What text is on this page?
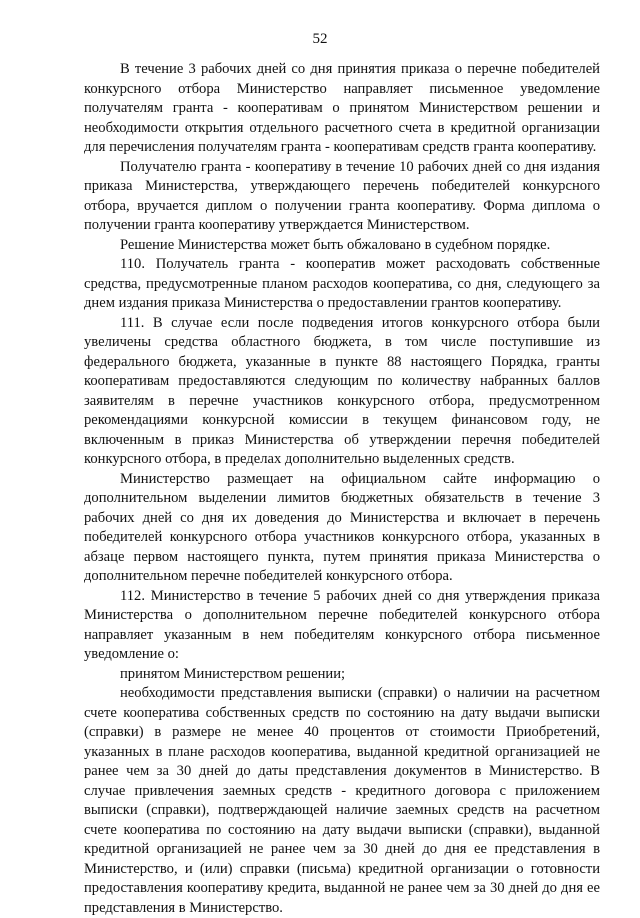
52

В течение 3 рабочих дней со дня принятия приказа о перечне победителей конкурсного отбора Министерство направляет письменное уведомление получателям гранта - кооперативам о принятом Министерством решении и необходимости открытия отдельного расчетного счета в кредитной организации для перечисления получателям гранта - кооперативам средств гранта кооперативу.

Получателю гранта - кооперативу в течение 10 рабочих дней со дня издания приказа Министерства, утверждающего перечень победителей конкурсного отбора, вручается диплом о получении гранта кооперативу. Форма диплома о получении гранта кооперативу утверждается Министерством.

Решение Министерства может быть обжаловано в судебном порядке.

110. Получатель гранта - кооператив может расходовать собственные средства, предусмотренные планом расходов кооператива, со дня, следующего за днем издания приказа Министерства о предоставлении грантов кооперативу.

111. В случае если после подведения итогов конкурсного отбора были увеличены средства областного бюджета, в том числе поступившие из федерального бюджета, указанные в пункте 88 настоящего Порядка, гранты кооперативам предоставляются следующим по количеству набранных баллов заявителям в перечне участников конкурсного отбора, предусмотренном рекомендациями конкурсной комиссии в текущем финансовом году, не включенным в приказ Министерства об утверждении перечня победителей конкурсного отбора, в пределах дополнительно выделенных средств.

Министерство размещает на официальном сайте информацию о дополнительном выделении лимитов бюджетных обязательств в течение 3 рабочих дней со дня их доведения до Министерства и включает в перечень победителей конкурсного отбора участников конкурсного отбора, указанных в абзаце первом настоящего пункта, путем принятия приказа Министерства о дополнительном перечне победителей конкурсного отбора.

112. Министерство в течение 5 рабочих дней со дня утверждения приказа Министерства о дополнительном перечне победителей конкурсного отбора направляет указанным в нем победителям конкурсного отбора письменное уведомление о:

принятом Министерством решении;

необходимости представления выписки (справки) о наличии на расчетном счете кооператива собственных средств по состоянию на дату выдачи выписки (справки) в размере не менее 40 процентов от стоимости Приобретений, указанных в плане расходов кооператива, выданной кредитной организацией не ранее чем за 30 дней до даты представления документов в Министерство. В случае привлечения заемных средств - кредитного договора с приложением выписки (справки), подтверждающей наличие заемных средств на расчетном счете кооператива по состоянию на дату выдачи выписки (справки), выданной кредитной организацией не ранее чем за 30 дней до дня ее представления в Министерство, и (или) справки (письма) кредитной организации о готовности предоставления кооперативу кредита, выданной не ранее чем за 30 дней до дня ее представления в Министерство.
